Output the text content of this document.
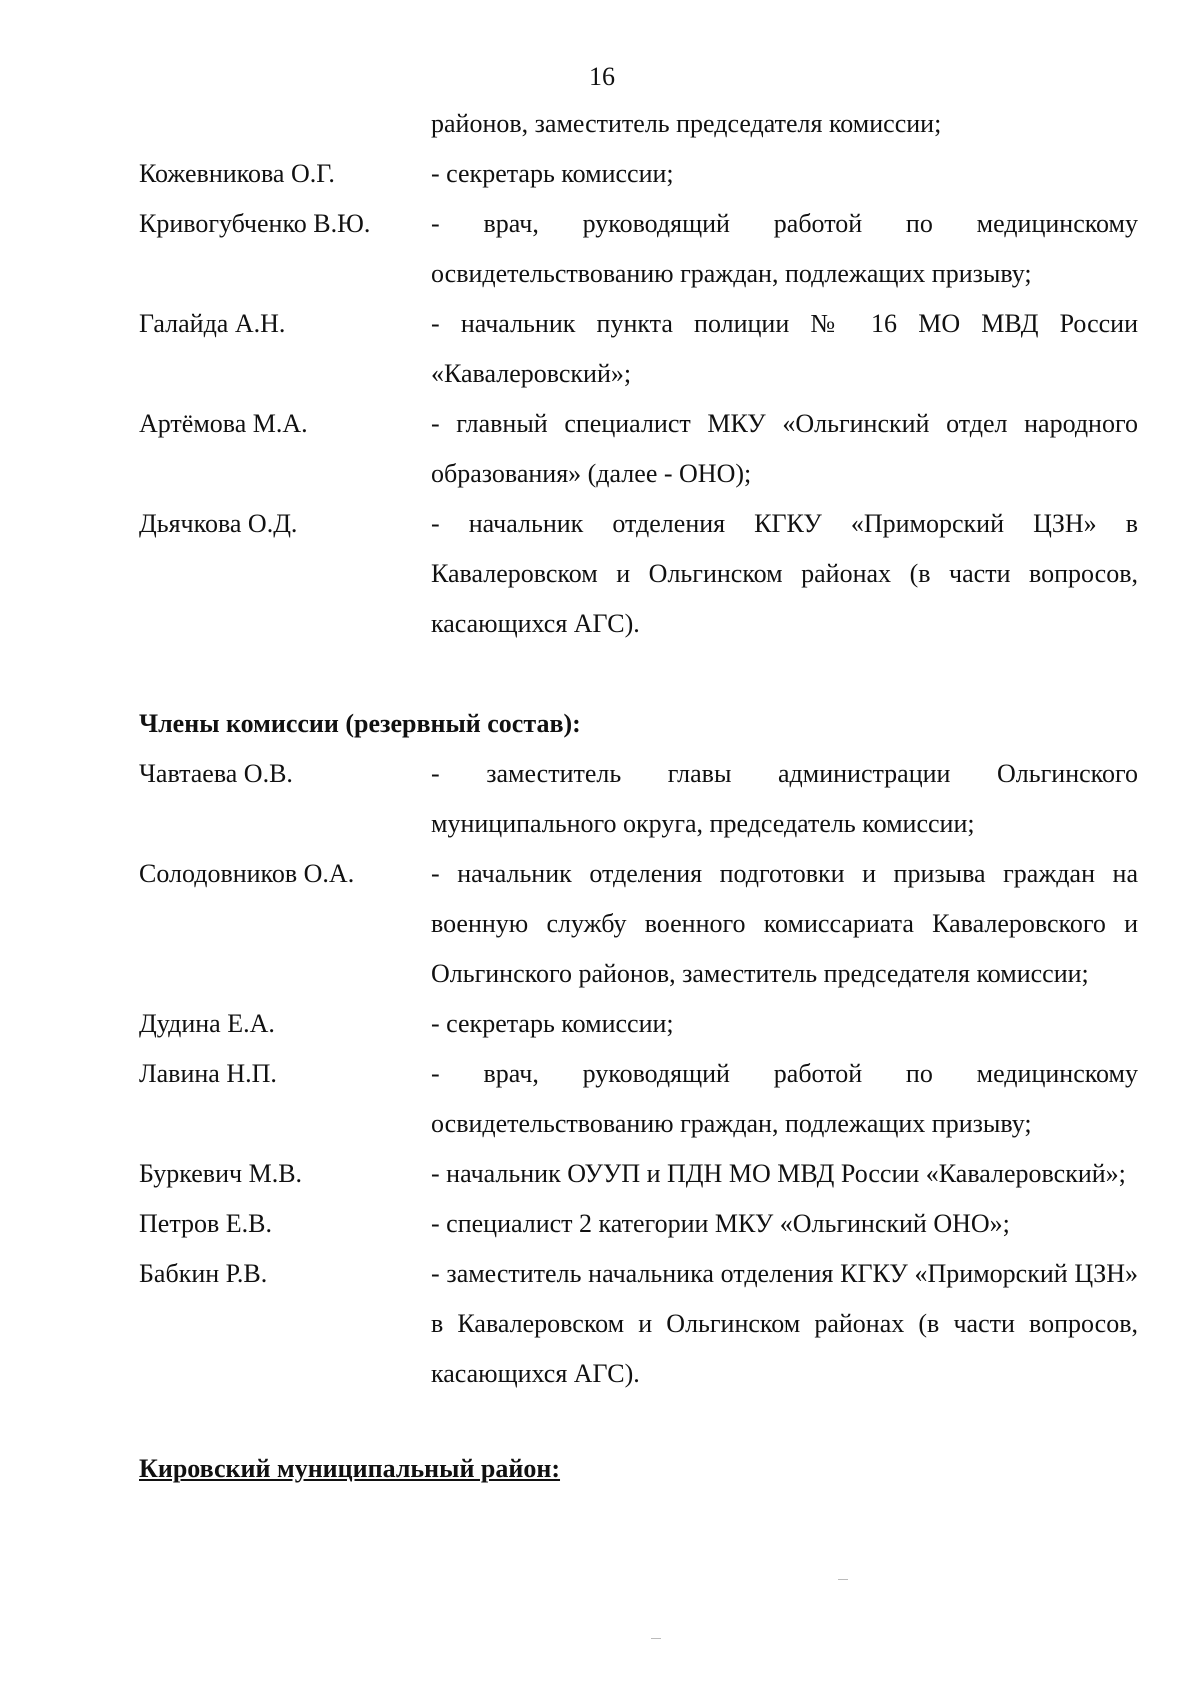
16
районов, заместитель председателя комиссии;
Кожевникова О.Г.	- секретарь комиссии;
Кривогубченко В.Ю.	- врач, руководящий работой по медицинскому освидетельствованию граждан, подлежащих призыву;
Галайда А.Н.	- начальник пункта полиции № 16 МО МВД России «Кавалеровский»;
Артёмова М.А.	- главный специалист МКУ «Ольгинский отдел народного образования» (далее - ОНО);
Дьячкова О.Д.	- начальник отделения КГКУ «Приморский ЦЗН» в Кавалеровском и Ольгинском районах (в части вопросов, касающихся АГС).
Члены комиссии (резервный состав):
Чавтаева О.В.	- заместитель главы администрации Ольгинского муниципального округа, председатель комиссии;
Солодовников О.А.	- начальник отделения подготовки и призыва граждан на военную службу военного комиссариата Кавалеровского и Ольгинского районов, заместитель председателя комиссии;
Дудина Е.А.	- секретарь комиссии;
Лавина Н.П.	- врач, руководящий работой по медицинскому освидетельствованию граждан, подлежащих призыву;
Буркевич М.В.	- начальник ОУУП и ПДН МО МВД России «Кавалеровский»;
Петров Е.В.	- специалист 2 категории МКУ «Ольгинский ОНО»;
Бабкин Р.В.	- заместитель начальника отделения КГКУ «Приморский ЦЗН» в Кавалеровском и Ольгинском районах (в части вопросов, касающихся АГС).
Кировский муниципальный район:
